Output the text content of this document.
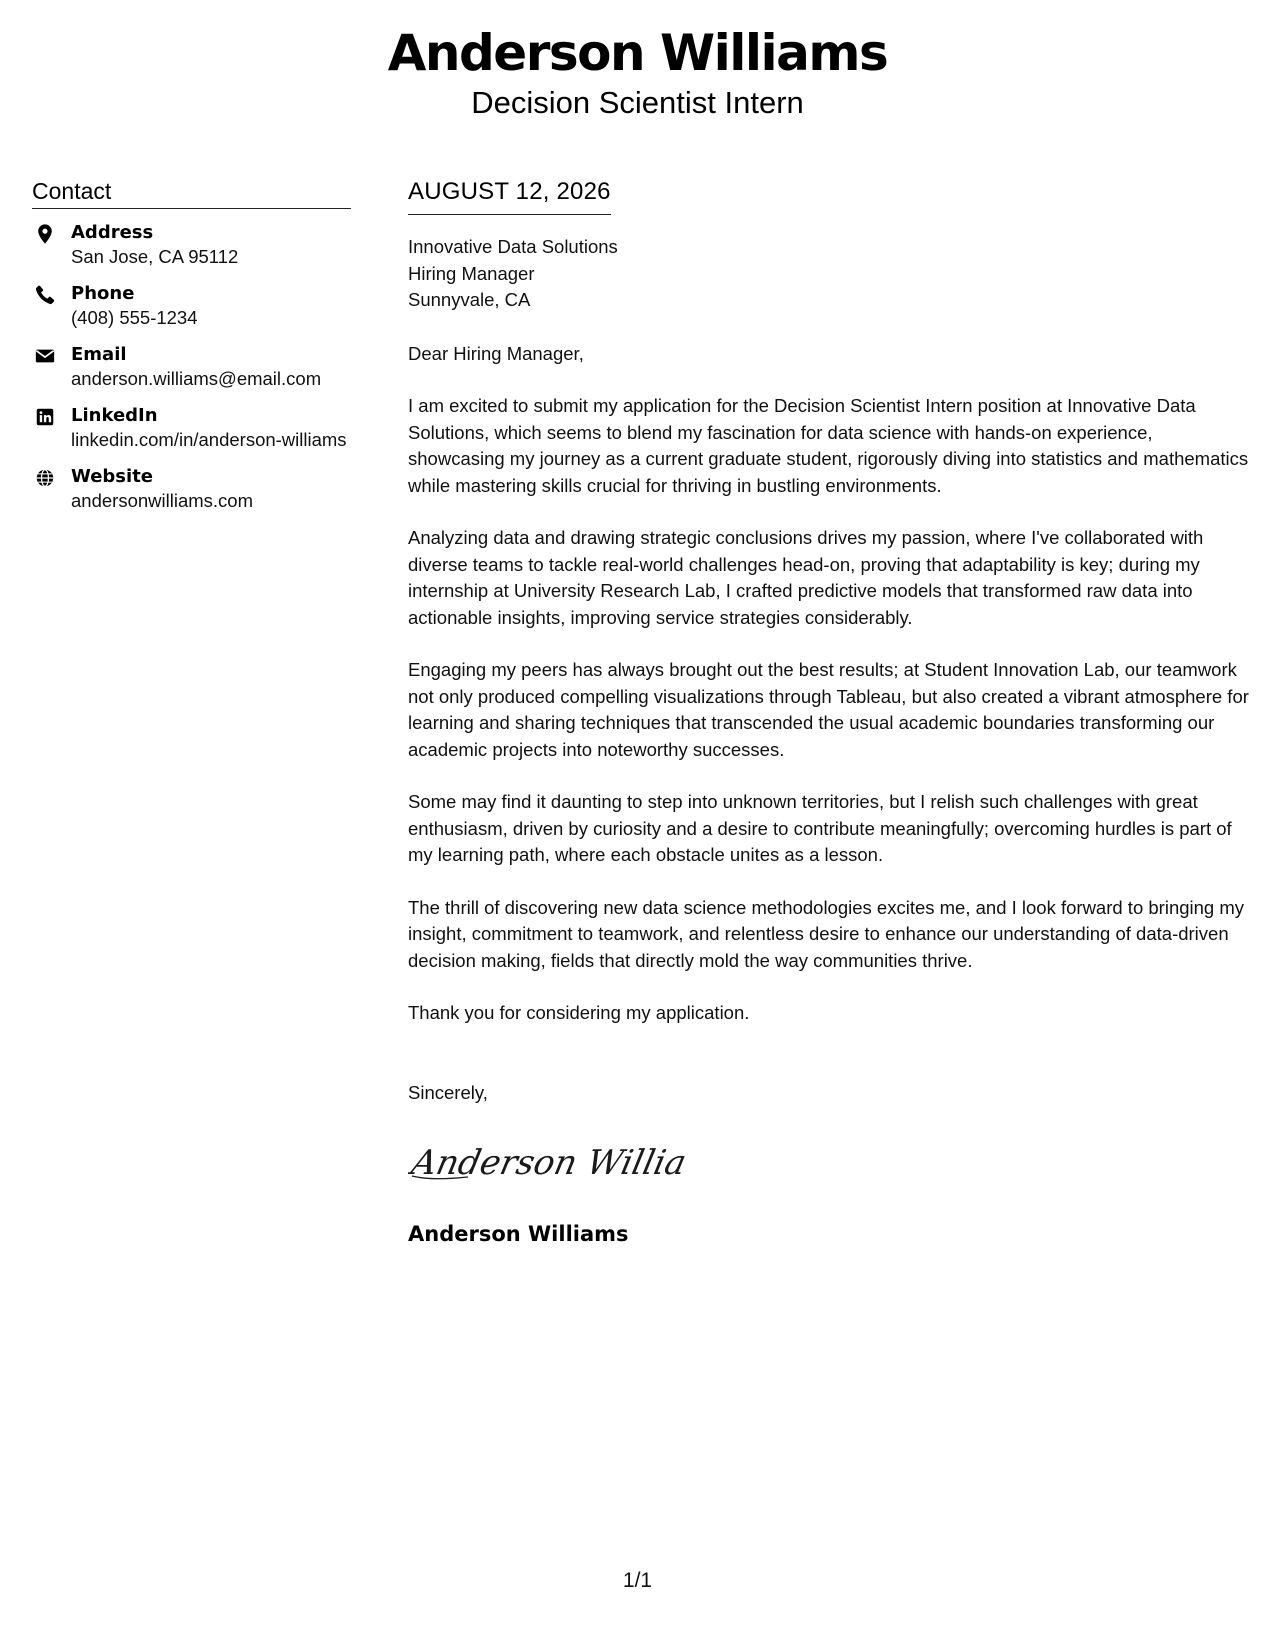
Anderson Williams
Decision Scientist Intern
Contact
Address
San Jose, CA 95112
Phone
(408) 555-1234
Email
anderson.williams@email.com
LinkedIn
linkedin.com/in/anderson-williams
Website
andersonwilliams.com
AUGUST 12, 2026
Innovative Data Solutions
Hiring Manager
Sunnyvale, CA
Dear Hiring Manager,
I am excited to submit my application for the Decision Scientist Intern position at Innovative Data Solutions, which seems to blend my fascination for data science with hands-on experience, showcasing my journey as a current graduate student, rigorously diving into statistics and mathematics while mastering skills crucial for thriving in bustling environments.
Analyzing data and drawing strategic conclusions drives my passion, where I've collaborated with diverse teams to tackle real-world challenges head-on, proving that adaptability is key; during my internship at University Research Lab, I crafted predictive models that transformed raw data into actionable insights, improving service strategies considerably.
Engaging my peers has always brought out the best results; at Student Innovation Lab, our teamwork not only produced compelling visualizations through Tableau, but also created a vibrant atmosphere for learning and sharing techniques that transcended the usual academic boundaries transforming our academic projects into noteworthy successes.
Some may find it daunting to step into unknown territories, but I relish such challenges with great enthusiasm, driven by curiosity and a desire to contribute meaningfully; overcoming hurdles is part of my learning path, where each obstacle unites as a lesson.
The thrill of discovering new data science methodologies excites me, and I look forward to bringing my insight, commitment to teamwork, and relentless desire to enhance our understanding of data-driven decision making, fields that directly mold the way communities thrive.
Thank you for considering my application.
Sincerely,
Anderson Willia
Anderson Williams
1/1
